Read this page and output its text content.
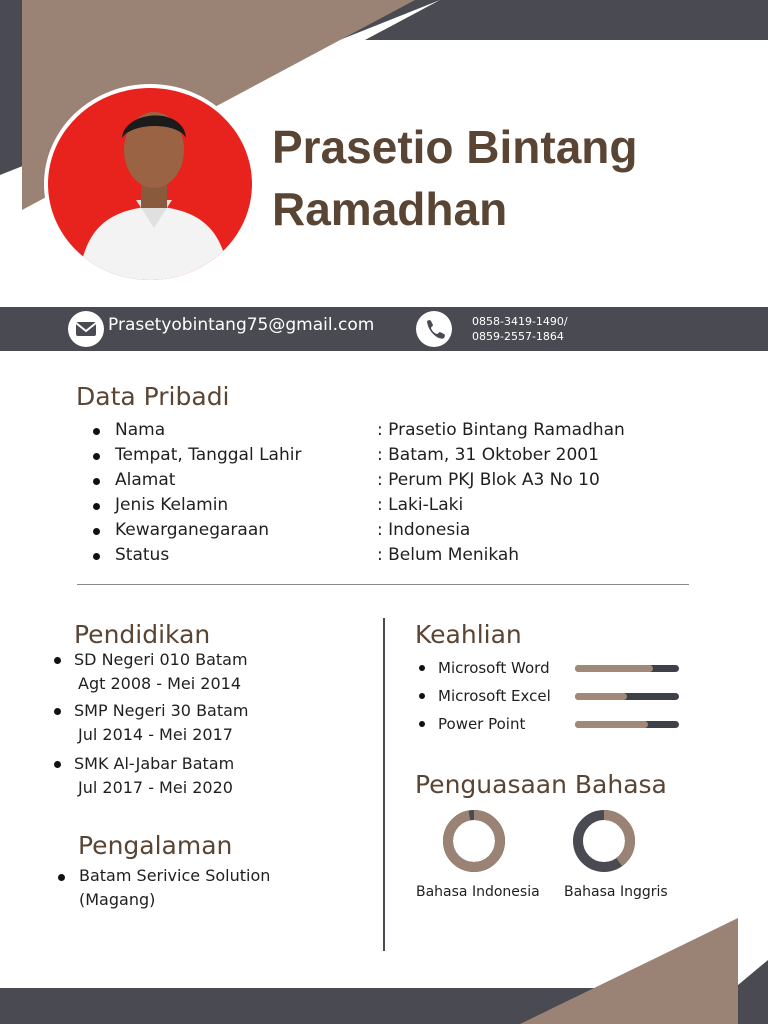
Prasetio Bintang
Ramadhan
Prasetyobintang75@gmail.com	0858-3419-1490/
0859-2557-1864
Data Pribadi
Nama	: Prasetio Bintang Ramadhan
Tempat, Tanggal Lahir	: Batam, 31 Oktober 2001
Alamat	: Perum PKJ Blok A3 No 10
Jenis Kelamin	: Laki-Laki
Kewarganegaraan	: Indonesia
Status	: Belum Menikah
Pendidikan
SD Negeri 010 Batam
Agt 2008 - Mei 2014
SMP Negeri 30 Batam
Jul 2014 - Mei 2017
SMK Al-Jabar Batam
Jul 2017 - Mei 2020
Pengalaman
Batam Serivice Solution
(Magang)
Keahlian
Microsoft Word
Microsoft Excel
Power Point
Penguasaan Bahasa
Bahasa Indonesia Bahasa Inggris
